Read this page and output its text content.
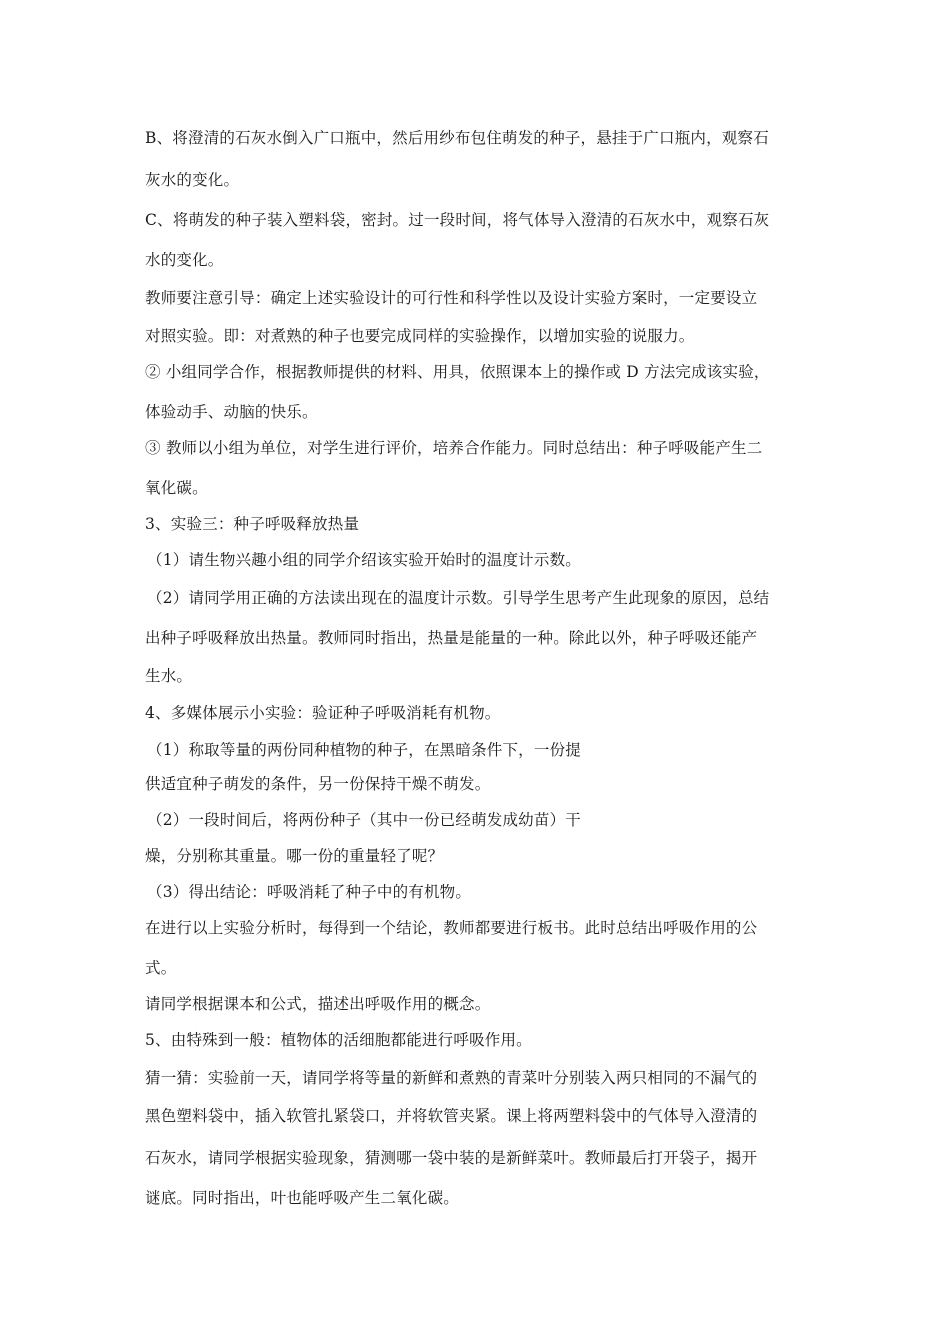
B、将澄清的石灰水倒入广口瓶中，然后用纱布包住萌发的种子，悬挂于广口瓶内，观察石
灰水的变化。
C、将萌发的种子装入塑料袋，密封。过一段时间，将气体导入澄清的石灰水中，观察石灰
水的变化。
教师要注意引导：确定上述实验设计的可行性和科学性以及设计实验方案时，一定要设立
对照实验。即：对煮熟的种子也要完成同样的实验操作，以增加实验的说服力。
② 小组同学合作，根据教师提供的材料、用具，依照课本上的操作或 D 方法完成该实验，
体验动手、动脑的快乐。
③ 教师以小组为单位，对学生进行评价，培养合作能力。同时总结出：种子呼吸能产生二
氧化碳。
3、实验三：种子呼吸释放热量
（1）请生物兴趣小组的同学介绍该实验开始时的温度计示数。
（2）请同学用正确的方法读出现在的温度计示数。引导学生思考产生此现象的原因，总结
出种子呼吸释放出热量。教师同时指出，热量是能量的一种。除此以外，种子呼吸还能产
生水。
4、多媒体展示小实验：验证种子呼吸消耗有机物。
（1）称取等量的两份同种植物的种子，在黑暗条件下，一份提
供适宜种子萌发的条件，另一份保持干燥不萌发。
（2）一段时间后，将两份种子（其中一份已经萌发成幼苗）干
燥，分别称其重量。哪一份的重量轻了呢？
（3）得出结论：呼吸消耗了种子中的有机物。
在进行以上实验分析时，每得到一个结论，教师都要进行板书。此时总结出呼吸作用的公
式。
请同学根据课本和公式，描述出呼吸作用的概念。
5、由特殊到一般：植物体的活细胞都能进行呼吸作用。
猜一猜：实验前一天，请同学将等量的新鲜和煮熟的青菜叶分别装入两只相同的不漏气的
黑色塑料袋中，插入软管扎紧袋口，并将软管夹紧。课上将两塑料袋中的气体导入澄清的
石灰水，请同学根据实验现象，猜测哪一袋中装的是新鲜菜叶。教师最后打开袋子，揭开
谜底。同时指出，叶也能呼吸产生二氧化碳。
